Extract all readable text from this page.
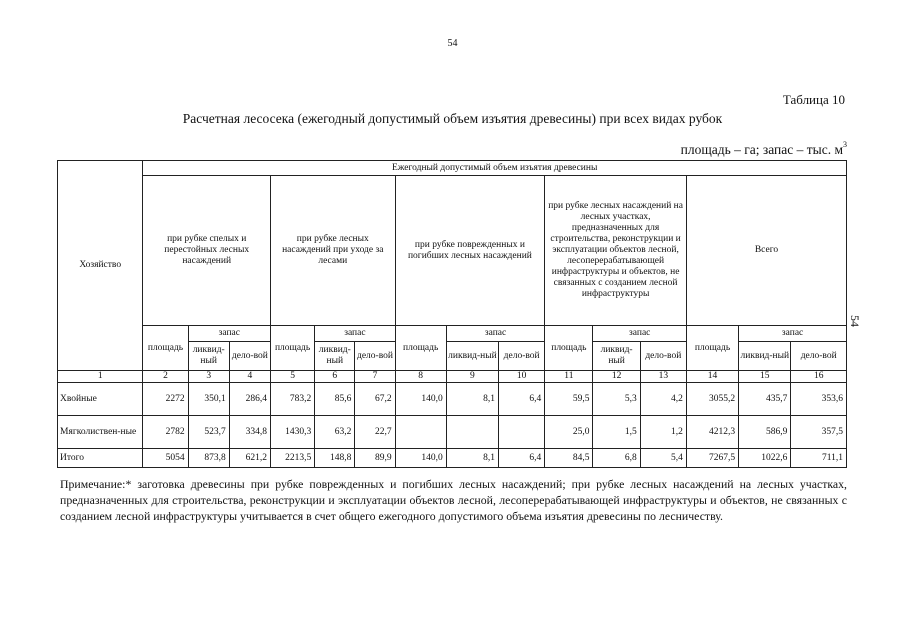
54
54
Таблица 10
Расчетная лесосека (ежегодный допустимый объем изъятия древесины) при всех видах рубок
площадь – га; запас – тыс. $м^3$
Хозяйство	Ежегодный допустимый объем изъятия древесины														
	при рубке спелых и перестойных лесных насаждений			при рубке лесных насаждений при уходе за лесами			при рубке поврежденных и погибших лесных насаждений			при рубке лесных насаждений на лесных участках, предназначенных для строительства, реконструкции и эксплуатации объектов лесной, лесоперерабатывающей инфраструктуры и объектов, не связанных с созданием лесной инфраструктуры			Всего		
	площадь	запас		площадь	запас		площадь	запас		площадь	запас		площадь	запас	
		ликвид-ный	дело-вой		ликвид-ный	дело-вой		ликвид-ный	дело-вой		ликвид-ный	дело-вой		ликвид-ный	дело-вой
1	2	3	4	5	6	7	8	9	10	11	12	13	14	15	16
Хвойные	2272	350,1	286,4	783,2	85,6	67,2	140,0	8,1	6,4	59,5	5,3	4,2	3055,2	435,7	353,6
Мягколиствен-ные	2782	523,7	334,8	1430,3	63,2	22,7				25,0	1,5	1,2	4212,3	586,9	357,5
Итого	5054	873,8	621,2	2213,5	148,8	89,9	140,0	8,1	6,4	84,5	6,8	5,4	7267,5	1022,6	711,1
Примечание:* заготовка древесины при рубке поврежденных и погибших лесных насаждений; при рубке лесных насаждений на лесных участках, предназначенных для строительства, реконструкции и эксплуатации объектов лесной, лесоперерабатывающей инфраструктуры и объектов, не связанных с созданием лесной инфраструктуры учитывается в счет общего ежегодного допустимого объема изъятия древесины по лесничеству.
